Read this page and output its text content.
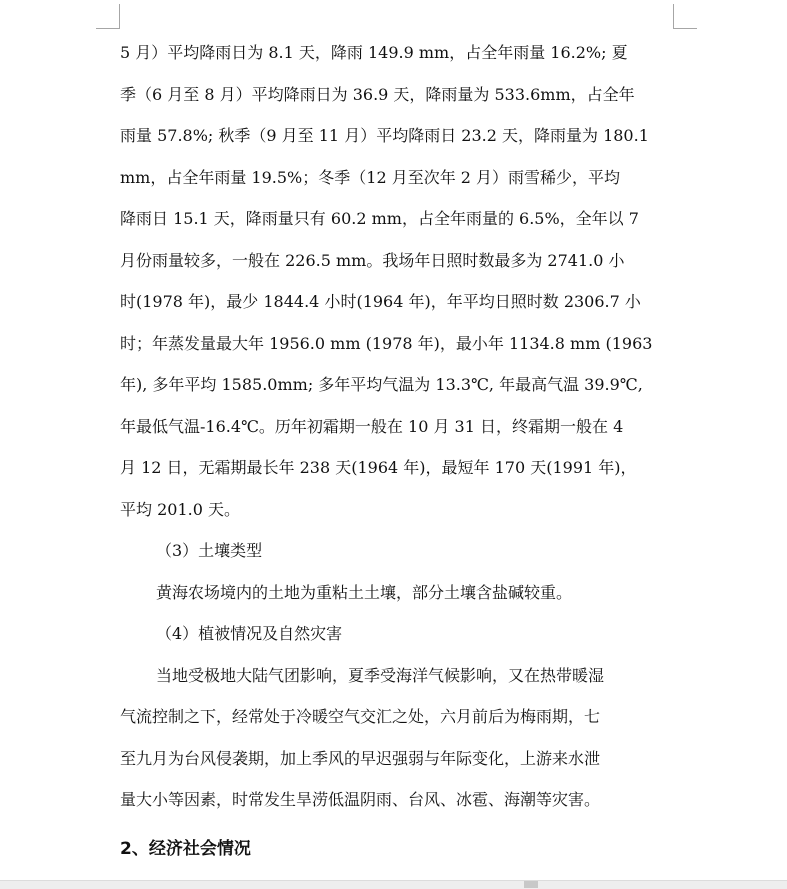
5 月）平均降雨日为 8.1 天，降雨 149.9 mm，占全年雨量 16.2%; 夏
季（6 月至 8 月）平均降雨日为 36.9 天，降雨量为 533.6mm，占全年
雨量 57.8%; 秋季（9 月至 11 月）平均降雨日 23.2 天，降雨量为 180.1
mm，占全年雨量 19.5%；冬季（12 月至次年 2 月）雨雪稀少，平均
降雨日 15.1 天，降雨量只有 60.2 mm，占全年雨量的 6.5%，全年以 7
月份雨量较多，一般在 226.5 mm。我场年日照时数最多为 2741.0 小
时(1978 年)，最少 1844.4 小时(1964 年)，年平均日照时数 2306.7 小
时；年蒸发量最大年 1956.0 mm (1978 年)，最小年 1134.8 mm (1963
年), 多年平均 1585.0mm; 多年平均气温为 13.3℃, 年最高气温 39.9℃,
年最低气温-16.4℃。历年初霜期一般在 10 月 31 日，终霜期一般在 4
月 12 日，无霜期最长年 238 天(1964 年)，最短年 170 天(1991 年)，
平均 201.0 天。
（3）土壤类型
黄海农场境内的土地为重粘土土壤，部分土壤含盐碱较重。
（4）植被情况及自然灾害
当地受极地大陆气团影响，夏季受海洋气候影响，又在热带暖湿
气流控制之下，经常处于冷暖空气交汇之处，六月前后为梅雨期，七
至九月为台风侵袭期，加上季风的早迟强弱与年际变化，上游来水泄
量大小等因素，时常发生旱涝低温阴雨、台风、冰雹、海潮等灾害。
2、经济社会情况
